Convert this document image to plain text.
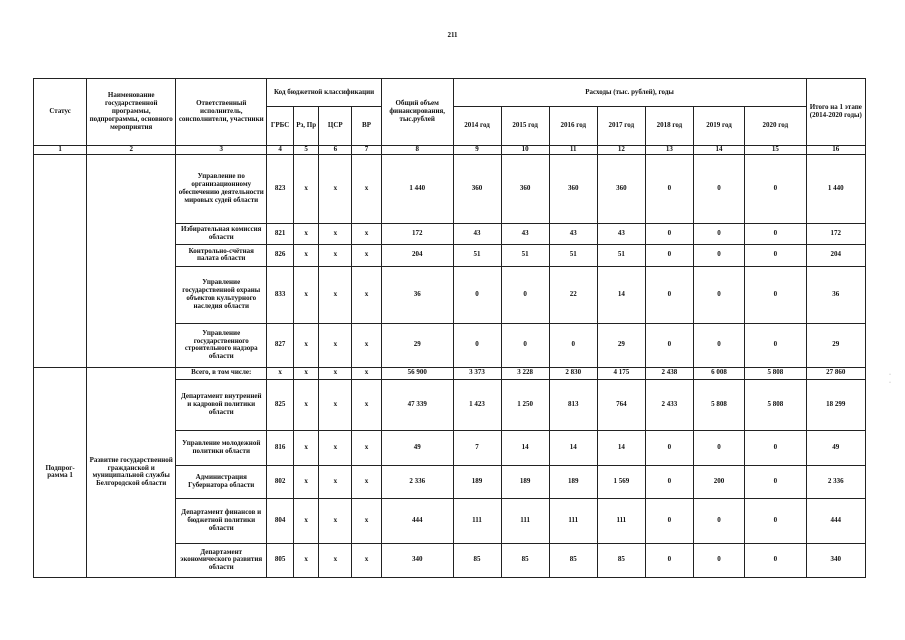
211
Статус	Наименование государственной программы, подпрограммы, основного мероприятия	Ответственный исполнитель, соисполнители, участники	Код бюджетной классификации				Общий объем финансирования, тыс.рублей	Расходы (тыс. рублей), годы							Итого на 1 этапе (2014-2020 годы)
			ГРБС	Рз, Пр	ЦСР	ВР		2014 год	2015 год	2016 год	2017 год	2018 год	2019 год	2020 год	
1	2	3	4	5	6	7	8	9	10	11	12	13	14	15	16
		Управление по организационному обеспечению деятельности мировых судей области	823	х	х	х	1 440	360	360	360	360	0	0	0	1 440
		Избирательная комиссия области	821	х	х	х	172	43	43	43	43	0	0	0	172
		Контрольно-счётная палата области	826	х	х	х	204	51	51	51	51	0	0	0	204
		Управление государственной охраны объектов культурного наследия области	833	х	х	х	36	0	0	22	14	0	0	0	36
		Управление государственного строительного надзора области	827	х	х	х	29	0	0	0	29	0	0	0	29
Подпрог-рамма 1	Развитие государственной гражданской и муниципальной службы Белгородской области	Всего, в том числе:	х	х	х	х	56 900	3 373	3 228	2 830	4 175	2 438	6 008	5 808	27 860
		Департамент внутренней и кадровой политики области	825	х	х	х	47 339	1 423	1 250	813	764	2 433	5 808	5 808	18 299
		Управление молодежной политики области	816	х	х	х	49	7	14	14	14	0	0	0	49
		Администрация Губернатора области	802	х	х	х	2 336	189	189	189	1 569	0	200	0	2 336
		Департамент финансов и бюджетной политики области	804	х	х	х	444	111	111	111	111	0	0	0	444
		Департамент экономического развития области	805	х	х	х	340	85	85	85	85	0	0	0	340
·
·
